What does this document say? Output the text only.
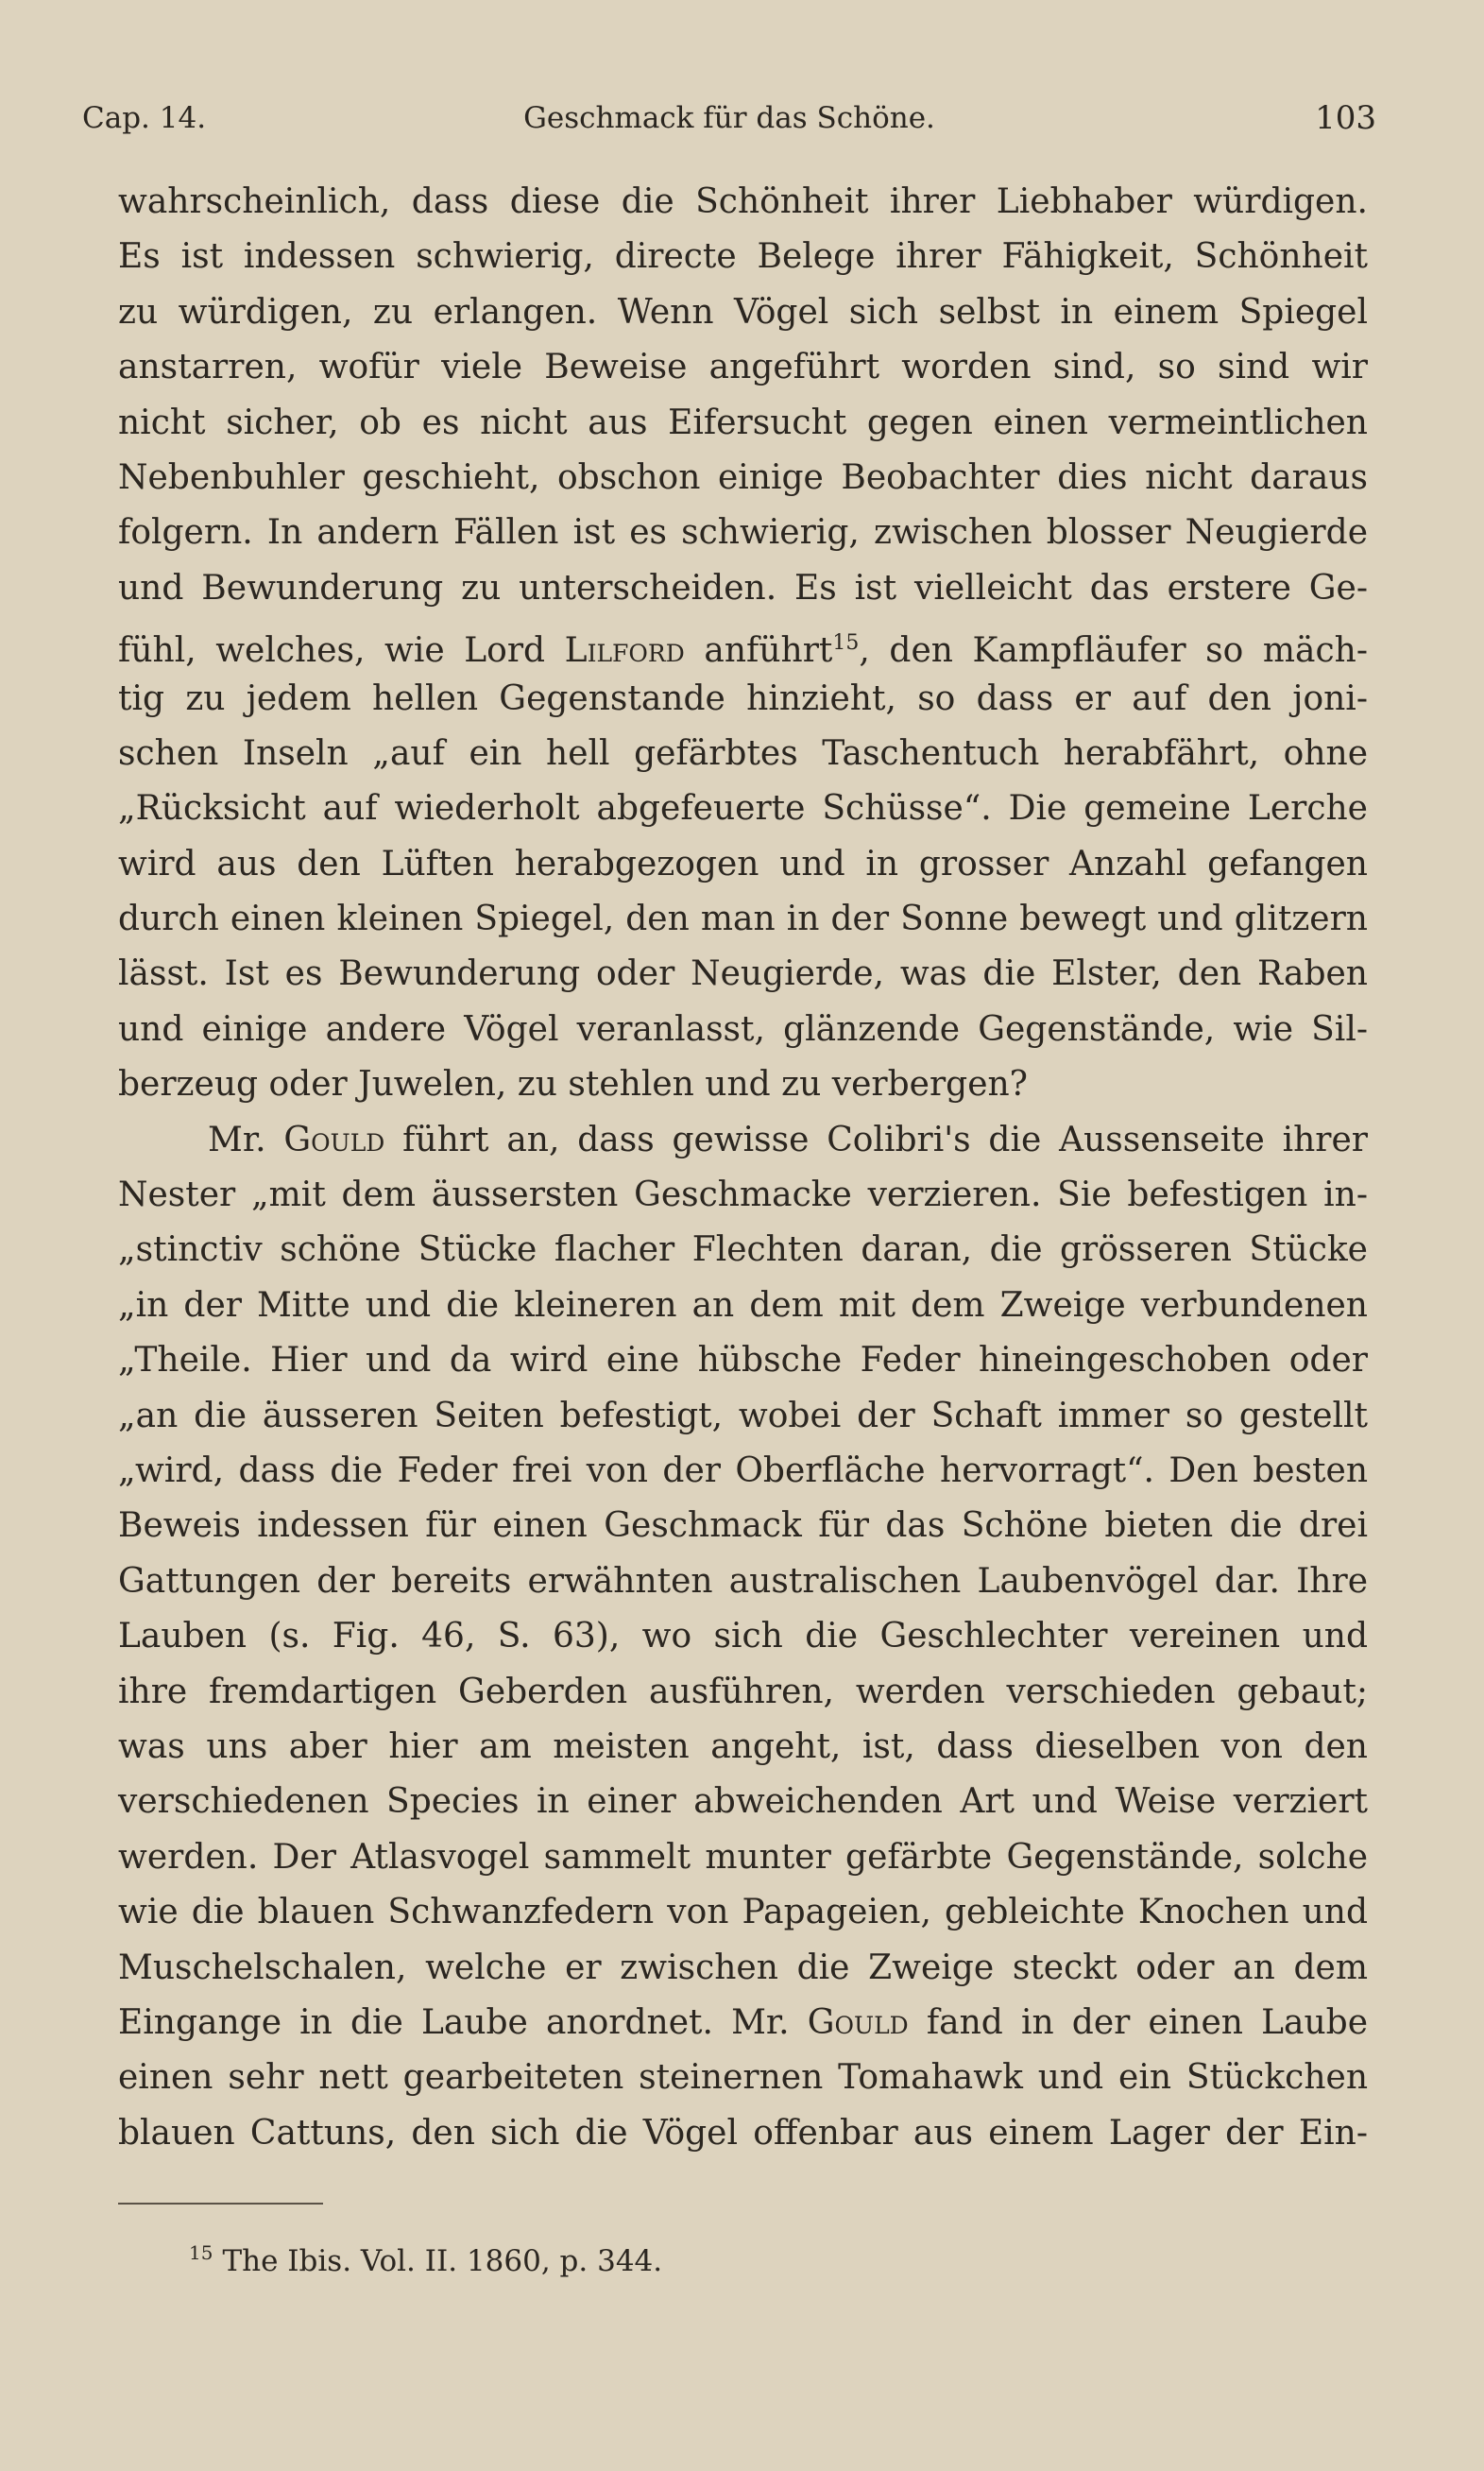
Cap. 14.	Geschmack für das Schöne.	103
wahrscheinlich, dass diese die Schönheit ihrer Liebhaber würdigen.
Es ist indessen schwierig, directe Belege ihrer Fähigkeit, Schönheit
zu würdigen, zu erlangen. Wenn Vögel sich selbst in einem Spiegel
anstarren, wofür viele Beweise angeführt worden sind, so sind wir
nicht sicher, ob es nicht aus Eifersucht gegen einen vermeintlichen
Nebenbuhler geschieht, obschon einige Beobachter dies nicht daraus
folgern. In andern Fällen ist es schwierig, zwischen blosser Neugierde
und Bewunderung zu unterscheiden. Es ist vielleicht das erstere Ge-
fühl, welches, wie Lord Lilford anführt$^{15}$, den Kampfläufer so mäch-
tig zu jedem hellen Gegenstande hinzieht, so dass er auf den joni-
schen Inseln „auf ein hell gefärbtes Taschentuch herabfährt, ohne
„Rücksicht auf wiederholt abgefeuerte Schüsse“. Die gemeine Lerche
wird aus den Lüften herabgezogen und in grosser Anzahl gefangen
durch einen kleinen Spiegel, den man in der Sonne bewegt und glitzern
lässt. Ist es Bewunderung oder Neugierde, was die Elster, den Raben
und einige andere Vögel veranlasst, glänzende Gegenstände, wie Sil-
berzeug oder Juwelen, zu stehlen und zu verbergen?
Mr. Gould führt an, dass gewisse Colibri's die Aussenseite ihrer
Nester „mit dem äussersten Geschmacke verzieren. Sie befestigen in-
„stinctiv schöne Stücke flacher Flechten daran, die grösseren Stücke
„in der Mitte und die kleineren an dem mit dem Zweige verbundenen
„Theile. Hier und da wird eine hübsche Feder hineingeschoben oder
„an die äusseren Seiten befestigt, wobei der Schaft immer so gestellt
„wird, dass die Feder frei von der Oberfläche hervorragt“. Den besten
Beweis indessen für einen Geschmack für das Schöne bieten die drei
Gattungen der bereits erwähnten australischen Laubenvögel dar. Ihre
Lauben (s. Fig. 46, S. 63), wo sich die Geschlechter vereinen und
ihre fremdartigen Geberden ausführen, werden verschieden gebaut;
was uns aber hier am meisten angeht, ist, dass dieselben von den
verschiedenen Species in einer abweichenden Art und Weise verziert
werden. Der Atlasvogel sammelt munter gefärbte Gegenstände, solche
wie die blauen Schwanzfedern von Papageien, gebleichte Knochen und
Muschelschalen, welche er zwischen die Zweige steckt oder an dem
Eingange in die Laube anordnet. Mr. Gould fand in der einen Laube
einen sehr nett gearbeiteten steinernen Tomahawk und ein Stückchen
blauen Cattuns, den sich die Vögel offenbar aus einem Lager der Ein-
$^{15}$ The Ibis. Vol. II. 1860, p. 344.
